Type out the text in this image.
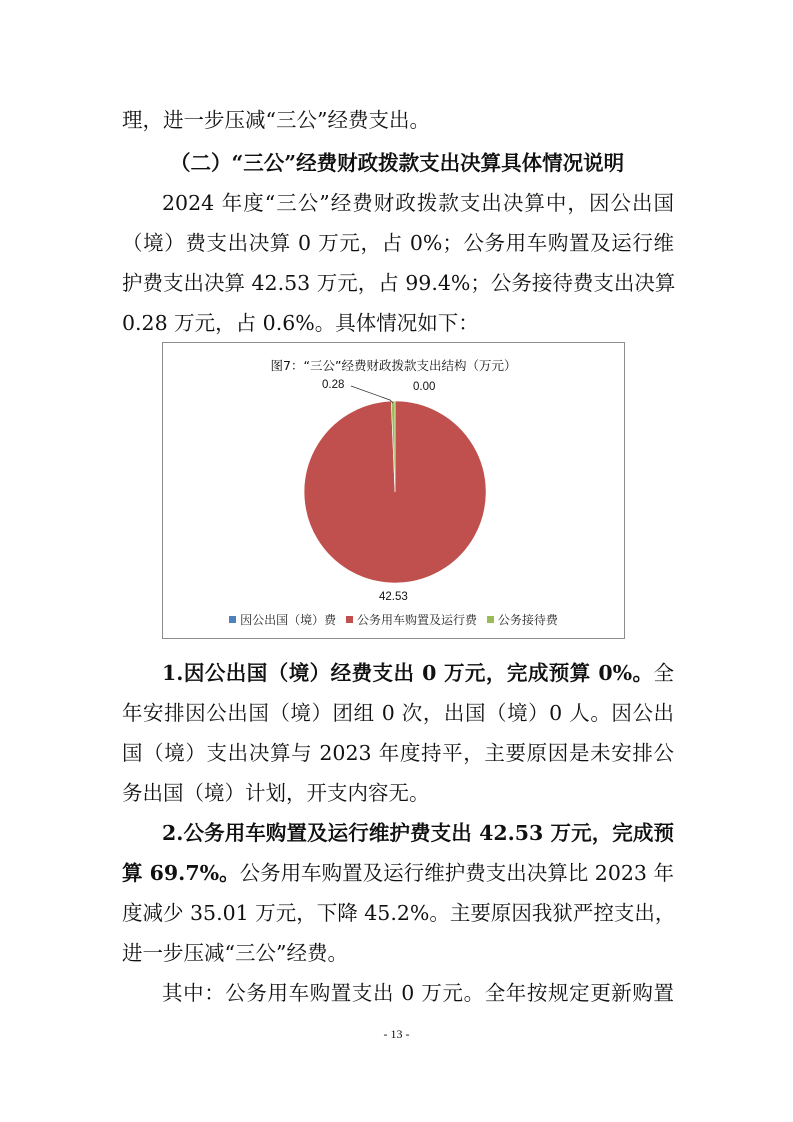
理，进一步压减“三公”经费支出。
（二）“三公”经费财政拨款支出决算具体情况说明
2024 年度“三公”经费财政拨款支出决算中，因公出国
（境）费支出决算 0 万元，占 0%；公务用车购置及运行维
护费支出决算 42.53 万元，占 99.4%；公务接待费支出决算
0.28 万元，占 0.6%。具体情况如下：
图7：“三公”经费财政拨款支出结构（万元）
0.28	0.00
42.53
因公出国（境）费 公务用车购置及运行费 公务接待费
1.因公出国（境）经费支出 0 万元，完成预算 0%。全
年安排因公出国（境）团组 0 次，出国（境）0 人。因公出
国（境）支出决算与 2023 年度持平，主要原因是未安排公
务出国（境）计划，开支内容无。
2.公务用车购置及运行维护费支出 42.53 万元，完成预
算 69.7%。公务用车购置及运行维护费支出决算比 2023 年
度减少 35.01 万元，下降 45.2%。主要原因我狱严控支出，
进一步压减“三公”经费。
其中：公务用车购置支出 0 万元。全年按规定更新购置
- 13 -
